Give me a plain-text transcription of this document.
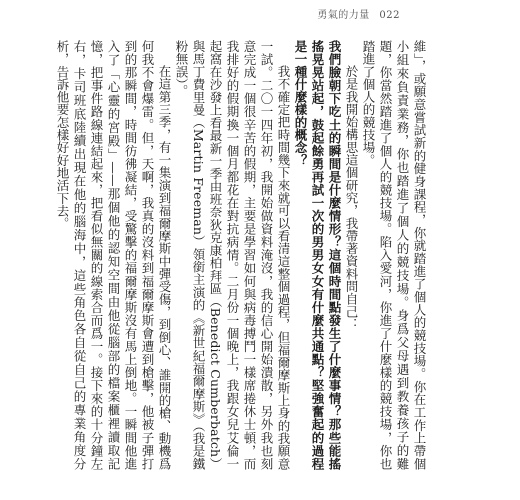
勇氣的力量 022

維」，或願意嘗試新的健身課程，你就踏進了個人的競技場。你在工作上帶個小組來負責業務，你也踏進了個人的競技場。身爲父母遇到教養孩子的難題，你當然踏進了個人的競技場。陷入愛河，你進了什麼樣的競技場，你也踏進了個人的競技場。

於是我開始構思這個研究，我帶著資料問自己：

我們臉朝下吃土的瞬間是什麼情形？這個時間點發生了什麼事情？那些能搖搖晃晃站起，鼓起餘勇再試一次的男男女女有什麼共通點？堅強奮起的過程是一種什麼樣的概念？

我不確定把時間幾下來就可以看清這整個過程，但福爾摩斯上身的我願意一試。二〇一四年初，我開始做資料淹沒，我的信心開始潰散，另外我也刻意完成一個很辛苦的假期，主要是學習如何與病毒搏鬥一樣席捲休士頓，而我排好的假期換一個月都花在對抗病情。二月份一個晚上，我跟女兒艾倫一起窩在沙發上看最新一季由班奈狄克康柏拜區（Benedict Cumberbatch）與馬丁費里曼（Martin Freeman）領銜主演的《新世紀福爾摩斯》（我是鐵粉無誤）。

在這第三季，有一集演到福爾摩斯中彈受傷，到倒心、誰開的槍、動機爲何我不會爆雷。但，天啊，我真的沒料到福爾摩斯會遭到槍擊，他被子彈打到的那瞬間，時間彷彿凝結，受驚擊的福爾摩斯沒有馬上倒地。一瞬間他進入了「心靈的宮殿」——那個他的認知空間由他從腦部的檔案櫃裡讀取記憶，把事件路線連結起來，把看似無關的線索合而爲一。接下來的十分鐘左右，卡司班底陸續出現在他的腦海中，這些角色各自從自己的專業角度分析，告訴他要怎樣好好地活下去。
